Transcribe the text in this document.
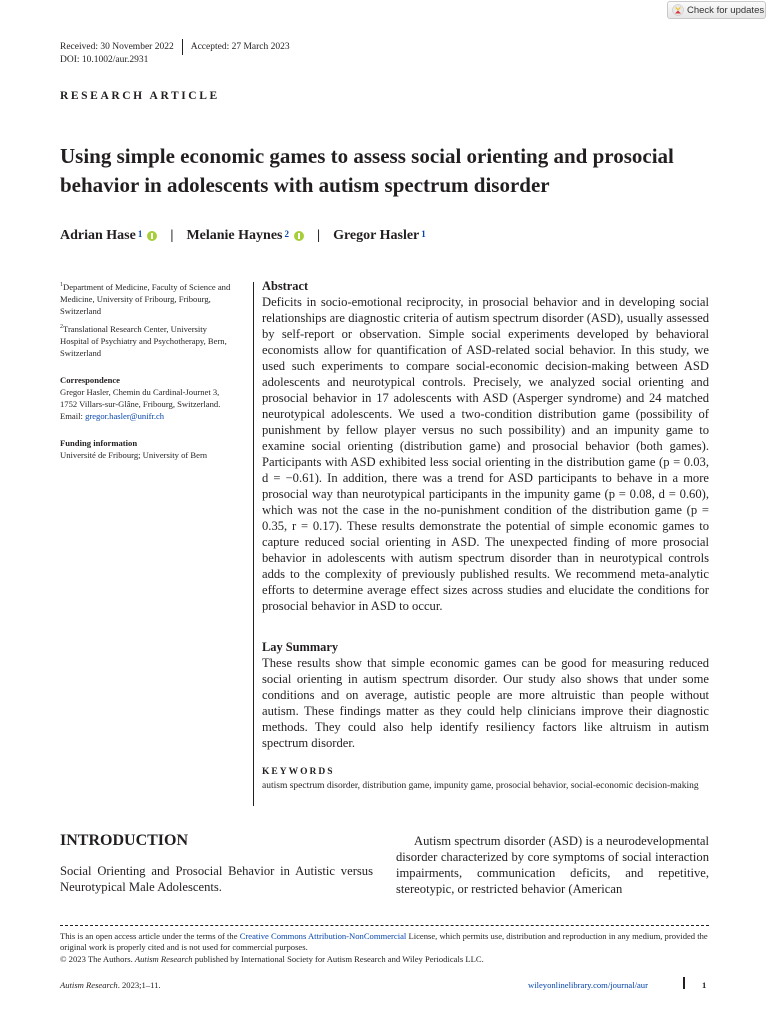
Check for updates
Received: 30 November 2022 Accepted: 27 March 2023
DOI: 10.1002/aur.2931
RESEARCH ARTICLE
Using simple economic games to assess social orienting and prosocial behavior in adolescents with autism spectrum disorder
Adrian Hase$^1$ | Melanie Haynes$^2$ | Gregor Hasler$^1$

$^1$Department of Medicine, Faculty of Science and Medicine, University of Fribourg, Fribourg, Switzerland

$^2$Translational Research Center, University Hospital of Psychiatry and Psychotherapy, Bern, Switzerland

Correspondence

Gregor Hasler, Chemin du Cardinal-Journet 3, 1752 Villars-sur-Glâne, Fribourg, Switzerland.

Email: gregor.hasler@unifr.ch

Funding information

Université de Fribourg; University of Bern

Abstract

Deficits in socio-emotional reciprocity, in prosocial behavior and in developing social relationships are diagnostic criteria of autism spectrum disorder (ASD), usually assessed by self-report or observation. Simple social experiments developed by behavioral economists allow for quantification of ASD-related social behavior. In this study, we used such experiments to compare social-economic decision-making between ASD adolescents and neurotypical controls. Precisely, we analyzed social orienting and prosocial behavior in 17 adolescents with ASD (Asperger syndrome) and 24 matched neurotypical adolescents. We used a two-condition distribution game (possibility of punishment by fellow player versus no such possibility) and an impunity game to examine social orienting (distribution game) and prosocial behavior (both games). Participants with ASD exhibited less social orienting in the distribution game (p = 0.03, d = −0.61). In addition, there was a trend for ASD participants to behave in a more prosocial way than neurotypical participants in the impunity game (p = 0.08, d = 0.60), which was not the case in the no-punishment condition of the distribution game (p = 0.35, r = 0.17). These results demonstrate the potential of simple economic games to capture reduced social orienting in ASD. The unexpected finding of more prosocial behavior in adolescents with autism spectrum disorder than in neurotypical controls adds to the complexity of previously published results. We recommend meta-analytic efforts to determine average effect sizes across studies and elucidate the conditions for prosocial behavior in ASD to occur.

Lay Summary

These results show that simple economic games can be good for measuring reduced social orienting in autism spectrum disorder. Our study also shows that under some conditions and on average, autistic people are more altruistic than people without autism. These findings matter as they could help clinicians improve their diagnostic methods. They could also help identify resiliency factors like altruism in autism spectrum disorder.

KEYWORDS
autism spectrum disorder, distribution game, impunity game, prosocial behavior, social-economic decision-making
INTRODUCTION

Social Orienting and Prosocial Behavior in Autistic versus Neurotypical Male Adolescents.

Autism spectrum disorder (ASD) is a neurodevelopmental disorder characterized by core symptoms of social interaction impairments, communication deficits, and repetitive, stereotypic, or restricted behavior (American

This is an open access article under the terms of the Creative Commons Attribution-NonCommercial License, which permits use, distribution and reproduction in any medium, provided the original work is properly cited and is not used for commercial purposes.

© 2023 The Authors. Autism Research published by International Society for Autism Research and Wiley Periodicals LLC.

Autism Research. 2023;1–11.	wileyonlinelibrary.com/journal/aur	1
